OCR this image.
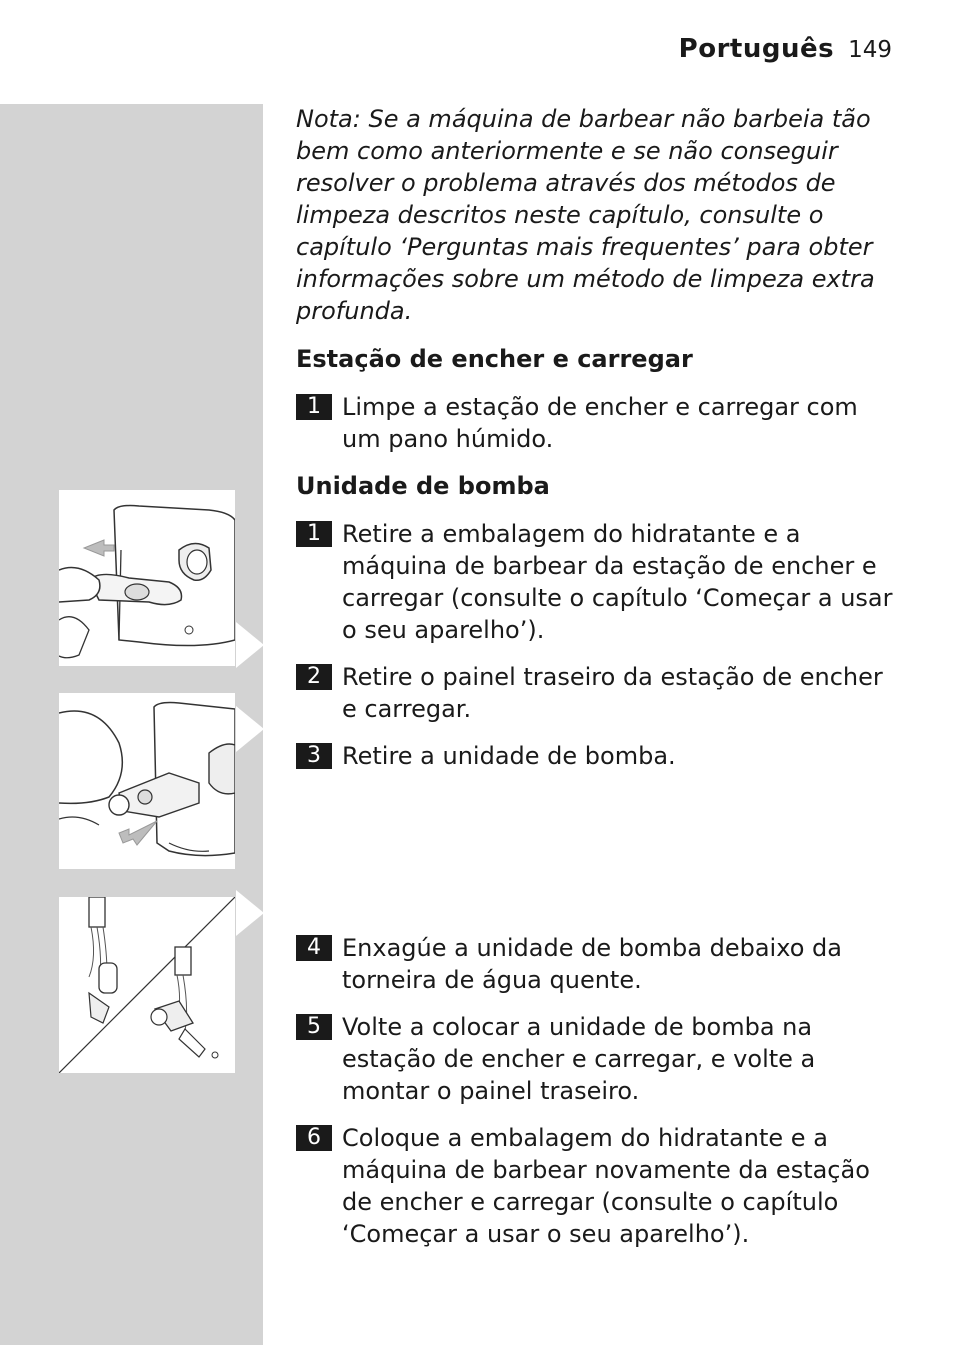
Português 149

Nota: Se a máquina de barbear não barbeia tão bem como anteriormente e se não conseguir resolver o problema através dos métodos de limpeza descritos neste capítulo, consulte o capítulo ‘Perguntas mais frequentes’ para obter informações sobre um método de limpeza extra profunda.

Estação de encher e carregar
1 Limpe a estação de encher e carregar com um pano húmido.
Unidade de bomba
1 Retire a embalagem do hidratante e a máquina de barbear da estação de encher e carregar (consulte o capítulo ‘Começar a usar o seu aparelho’).
2 Retire o painel traseiro da estação de encher e carregar.
3 Retire a unidade de bomba.
4 Enxagúe a unidade de bomba debaixo da torneira de água quente.
5 Volte a colocar a unidade de bomba na estação de encher e carregar, e volte a montar o painel traseiro.
6 Coloque a embalagem do hidratante e a máquina de barbear novamente da estação de encher e carregar (consulte o capítulo ‘Começar a usar o seu aparelho’).
